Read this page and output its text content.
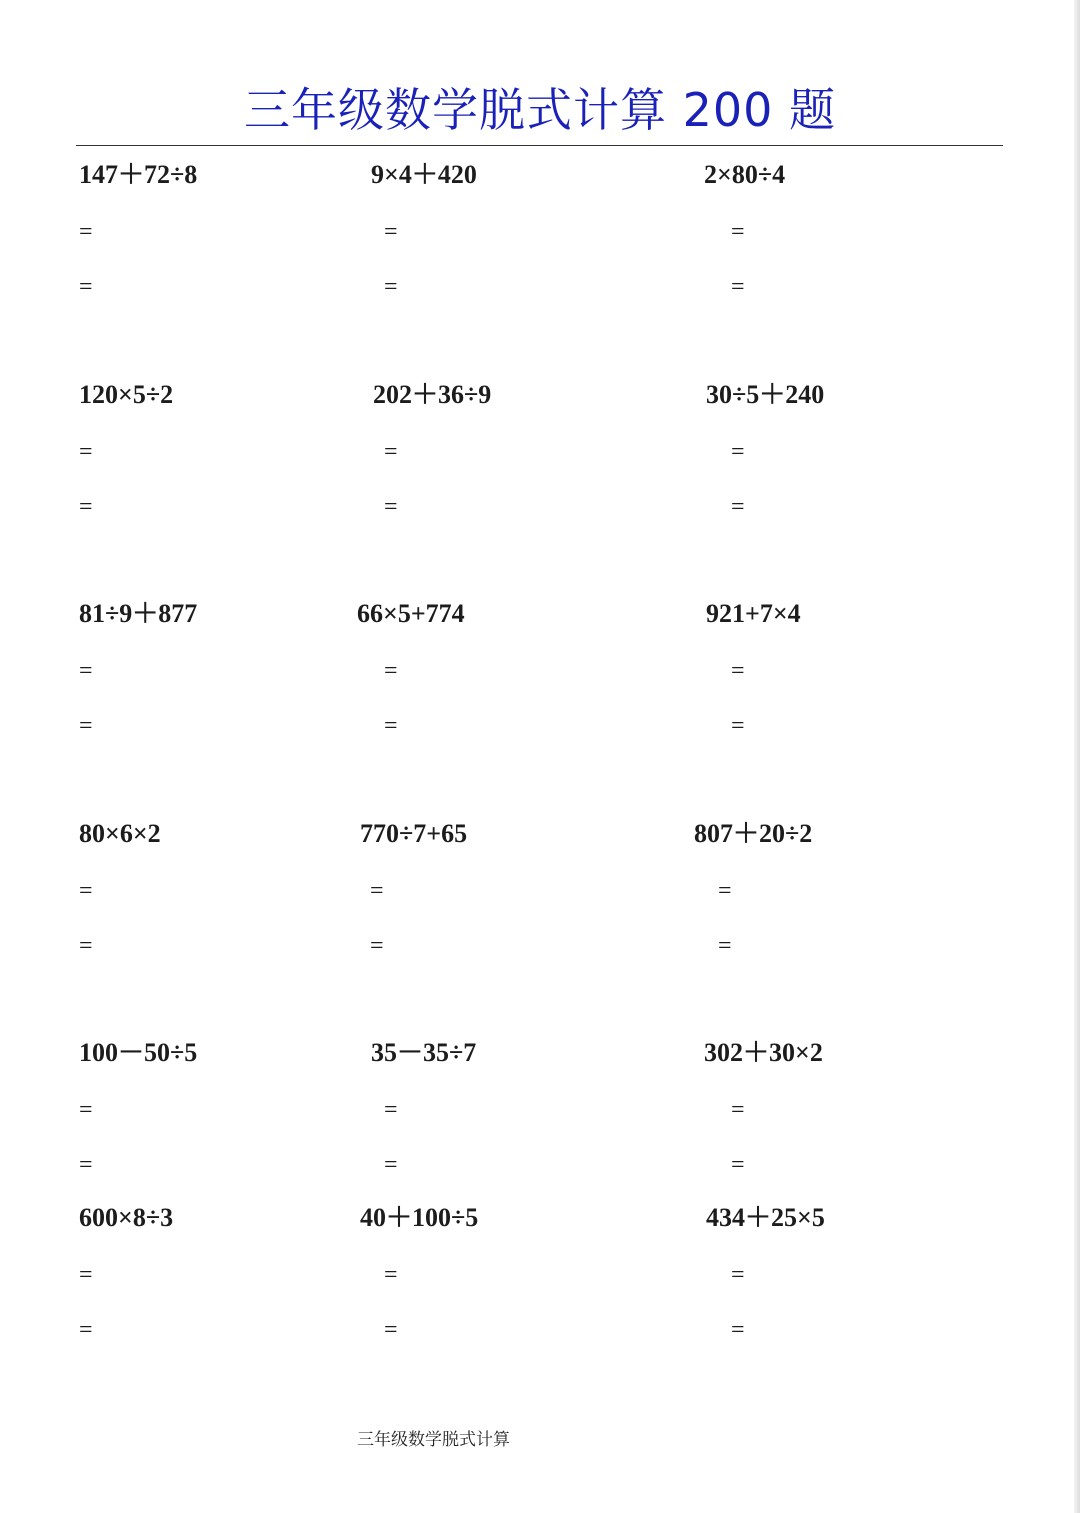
三年级数学脱式计算 200 题
147＋72÷8
=
=
9×4＋420
=
=
2×80÷4
=
=
120×5÷2
=
=
202＋36÷9
=
=
30÷5＋240
=
=
81÷9＋877
=
=
66×5+774
=
=
921+7×4
=
=
80×6×2
=
=
770÷7+65
=
=
807＋20÷2
=
=
100－50÷5
=
=
35－35÷7
=
=
302＋30×2
=
=
600×8÷3
=
=
40＋100÷5
=
=
434＋25×5
=
=
三年级数学脱式计算
